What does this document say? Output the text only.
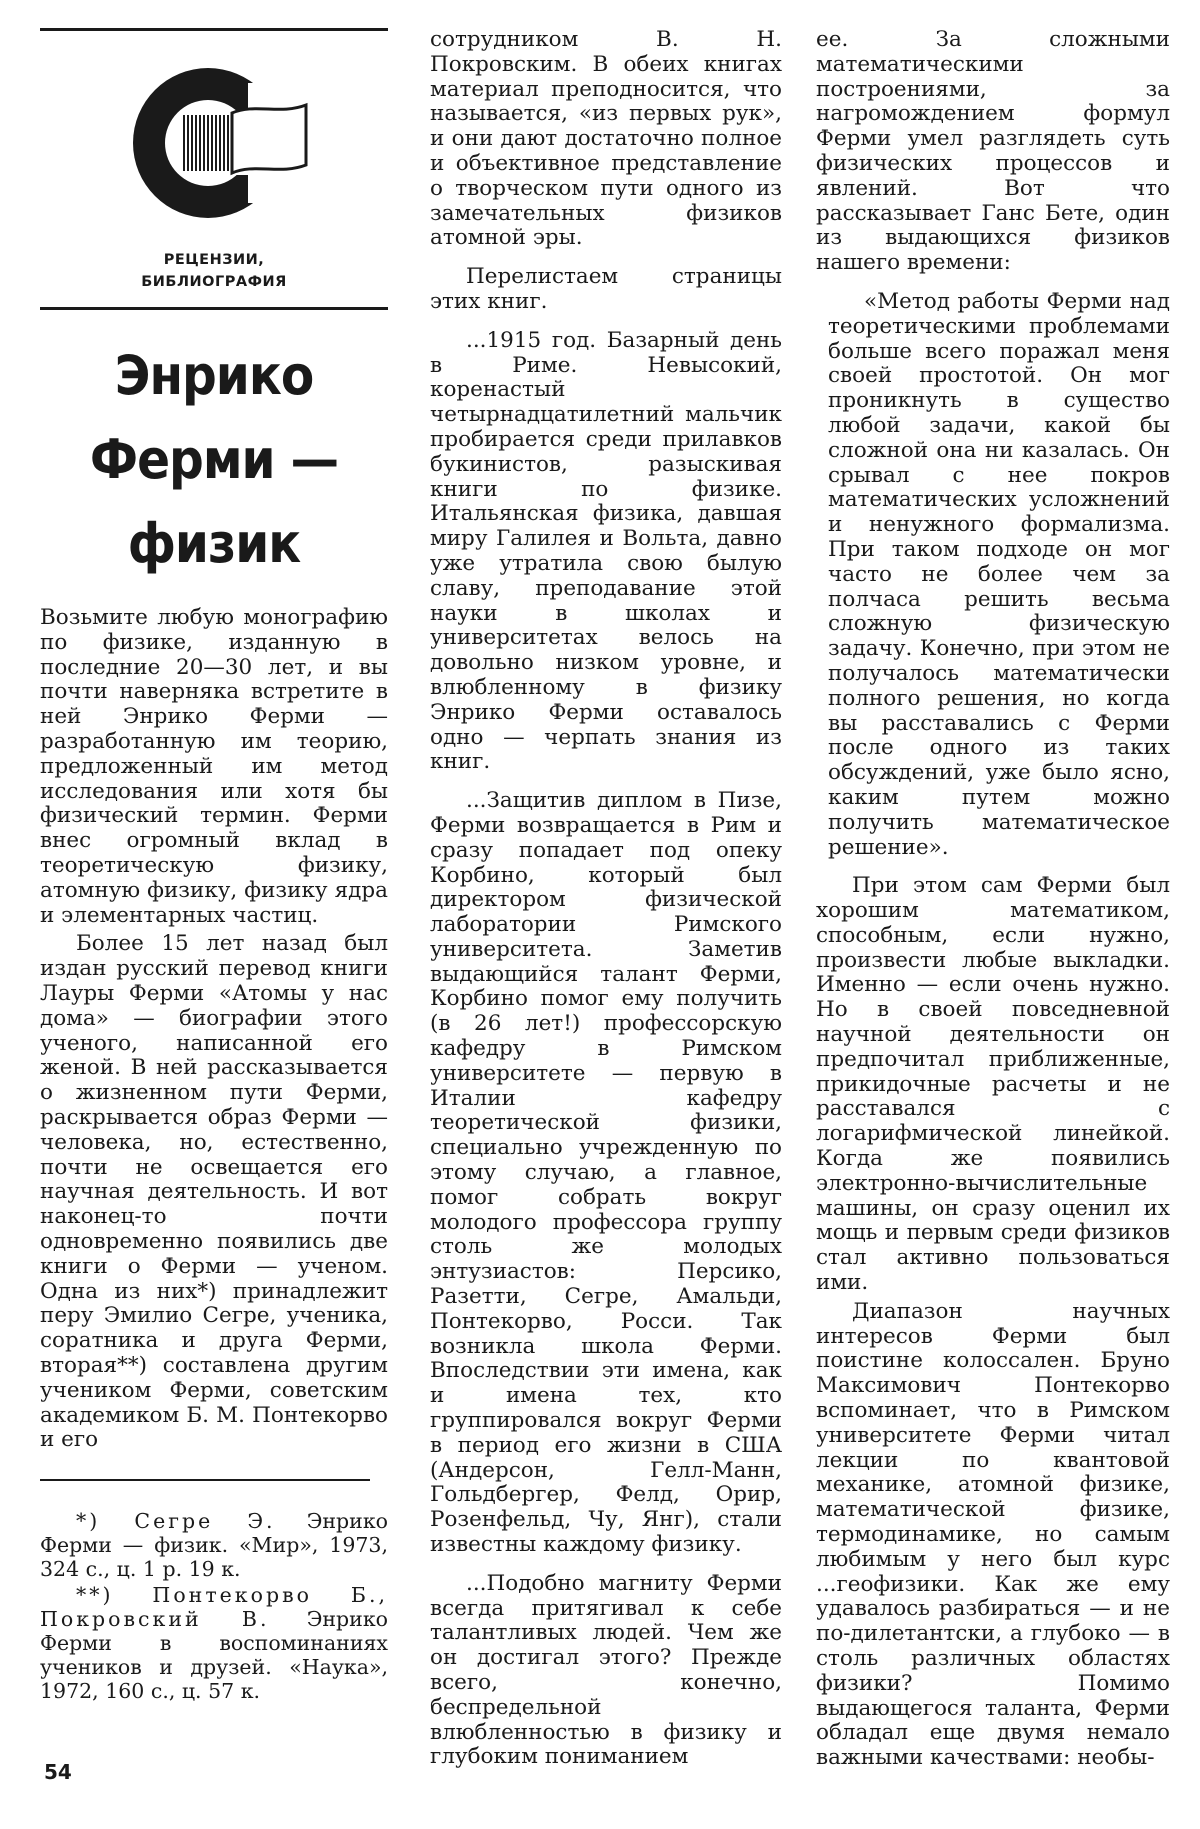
РЕЦЕНЗИИ,
БИБЛИОГРАФИЯ
Энрико
Ферми —
физик

Возьмите любую монографию по физике, изданную в последние 20—30 лет, и вы почти наверняка встретите в ней Энрико Ферми — разработанную им теорию, предложенный им метод исследования или хотя бы физический термин. Ферми внес огромный вклад в теоретическую физику, атомную физику, физику ядра и элементарных частиц.

Более 15 лет назад был издан русский перевод книги Лауры Ферми «Атомы у нас дома» — биографии этого ученого, написанной его женой. В ней рассказывается о жизненном пути Ферми, раскрывается образ Ферми — человека, но, естественно, почти не освещается его научная деятельность. И вот наконец-то почти одновременно появились две книги о Ферми — ученом. Одна из них*) принадлежит перу Эмилио Сегре, ученика, соратника и друга Ферми, вторая**) составлена другим учеником Ферми, советским академиком Б. М. Понтекорво и его

*) Сегре Э. Энрико Ферми — физик. «Мир», 1973, 324 с., ц. 1 р. 19 к.

**) Понтекорво Б., Покровский В. Энрико Ферми в воспоминаниях учеников и друзей. «Наука», 1972, 160 с., ц. 57 к.

сотрудником В. Н. Покровским. В обеих книгах материал преподносится, что называется, «из первых рук», и они дают достаточно полное и объективное представление о творческом пути одного из замечательных физиков атомной эры.

Перелистаем страницы этих книг.

...1915 год. Базарный день в Риме. Невысокий, коренастый четырнадцатилетний мальчик пробирается среди прилавков букинистов, разыскивая книги по физике. Итальянская физика, давшая миру Галилея и Вольта, давно уже утратила свою былую славу, преподавание этой науки в школах и университетах велось на довольно низком уровне, и влюбленному в физику Энрико Ферми оставалось одно — черпать знания из книг.

...Защитив диплом в Пизе, Ферми возвращается в Рим и сразу попадает под опеку Корбино, который был директором физической лаборатории Римского университета. Заметив выдающийся талант Ферми, Корбино помог ему получить (в 26 лет!) профессорскую кафедру в Римском университете — первую в Италии кафедру теоретической физики, специально учрежденную по этому случаю, а главное, помог собрать вокруг молодого профессора группу столь же молодых энтузиастов: Персико, Разетти, Сегре, Амальди, Понтекорво, Росси. Так возникла школа Ферми. Впоследствии эти имена, как и имена тех, кто группировался вокруг Ферми в период его жизни в США (Андерсон, Гелл-Манн, Гольдбергер, Фелд, Орир, Розенфельд, Чу, Янг), стали известны каждому физику.

...Подобно магниту Ферми всегда притягивал к себе талантливых людей. Чем же он достигал этого? Прежде всего, конечно, беспредельной влюбленностью в физику и глубоким пониманием

ее. За сложными математическими построениями, за нагромождением формул Ферми умел разглядеть суть физических процессов и явлений. Вот что рассказывает Ганс Бете, один из выдающихся физиков нашего времени:

«Метод работы Ферми над теоретическими проблемами больше всего поражал меня своей простотой. Он мог проникнуть в существо любой задачи, какой бы сложной она ни казалась. Он срывал с нее покров математических усложнений и ненужного формализма. При таком подходе он мог часто не более чем за полчаса решить весьма сложную физическую задачу. Конечно, при этом не получалось математически полного решения, но когда вы расставались с Ферми после одного из таких обсуждений, уже было ясно, каким путем можно получить математическое решение».

При этом сам Ферми был хорошим математиком, способным, если нужно, произвести любые выкладки. Именно — если очень нужно. Но в своей повседневной научной деятельности он предпочитал приближенные, прикидочные расчеты и не расставался с логарифмической линейкой. Когда же появились электронно-вычислительные машины, он сразу оценил их мощь и первым среди физиков стал активно пользоваться ими.

Диапазон научных интересов Ферми был поистине колоссален. Бруно Максимович Понтекорво вспоминает, что в Римском университете Ферми читал лекции по квантовой механике, атомной физике, математической физике, термодинамике, но самым любимым у него был курс ...геофизики. Как же ему удавалось разбираться — и не по-дилетантски, а глубоко — в столь различных областях физики? Помимо выдающегося таланта, Ферми обладал еще двумя немало важными качествами: необы-

54
